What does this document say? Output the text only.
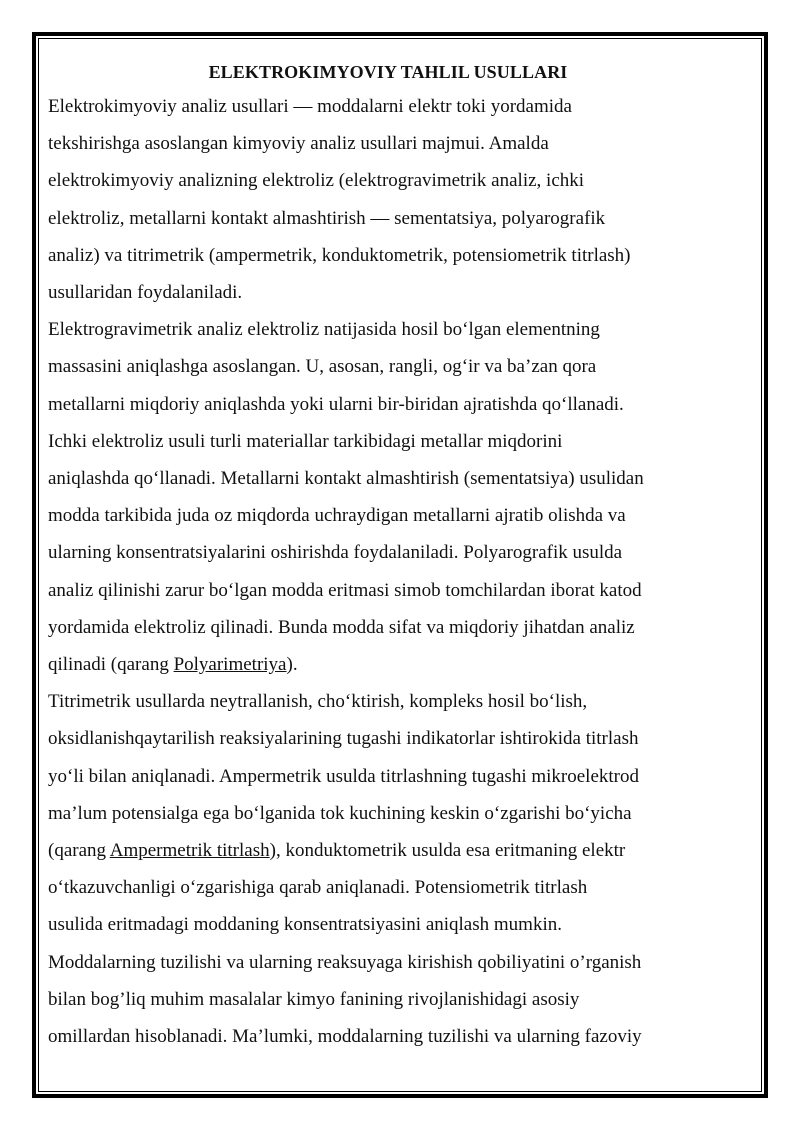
ELEKTROKIMYOVIY TAHLIL USULLARI

Elektrokimyoviy analiz usullari — moddalarni elektr toki yordamida
tekshirishga asoslangan kimyoviy analiz usullari majmui. Amalda
elektrokimyoviy analizning elektroliz (elektrogravimetrik analiz, ichki
elektroliz, metallarni kontakt almashtirish — sementatsiya, polyarografik
analiz) va titrimetrik (ampermetrik, konduktometrik, potensiometrik titrlash)
usullaridan foydalaniladi.

Elektrogravimetrik analiz elektroliz natijasida hosil bo‘lgan elementning
massasini aniqlashga asoslangan. U, asosan, rangli, og‘ir va ba’zan qora
metallarni miqdoriy aniqlashda yoki ularni bir-biridan ajratishda qo‘llanadi.
Ichki elektroliz usuli turli materiallar tarkibidagi metallar miqdorini
aniqlashda qo‘llanadi. Metallarni kontakt almashtirish (sementatsiya) usulidan
modda tarkibida juda oz miqdorda uchraydigan metallarni ajratib olishda va
ularning konsentratsiyalarini oshirishda foydalaniladi. Polyarografik usulda
analiz qilinishi zarur bo‘lgan modda eritmasi simob tomchilardan iborat katod
yordamida elektroliz qilinadi. Bunda modda sifat va miqdoriy jihatdan analiz
qilinadi (qarang Polyarimetriya).

Titrimetrik usullarda neytrallanish, cho‘ktirish, kompleks hosil bo‘lish,
oksidlanishqaytarilish reaksiyalarining tugashi indikatorlar ishtirokida titrlash
yo‘li bilan aniqlanadi. Ampermetrik usulda titrlashning tugashi mikroelektrod
ma’lum potensialga ega bo‘lganida tok kuchining keskin o‘zgarishi bo‘yicha
(qarang Ampermetrik titrlash), konduktometrik usulda esa eritmaning elektr
o‘tkazuvchanligi o‘zgarishiga qarab aniqlanadi. Potensiometrik titrlash
usulida eritmadagi moddaning konsentratsiyasini aniqlash mumkin.

Moddalarning tuzilishi va ularning reaksuyaga kirishish qobiliyatini o’rganish
bilan bog’liq muhim masalalar kimyo fanining rivojlanishidagi asosiy
omillardan hisoblanadi. Ma’lumki, moddalarning tuzilishi va ularning fazoviy
